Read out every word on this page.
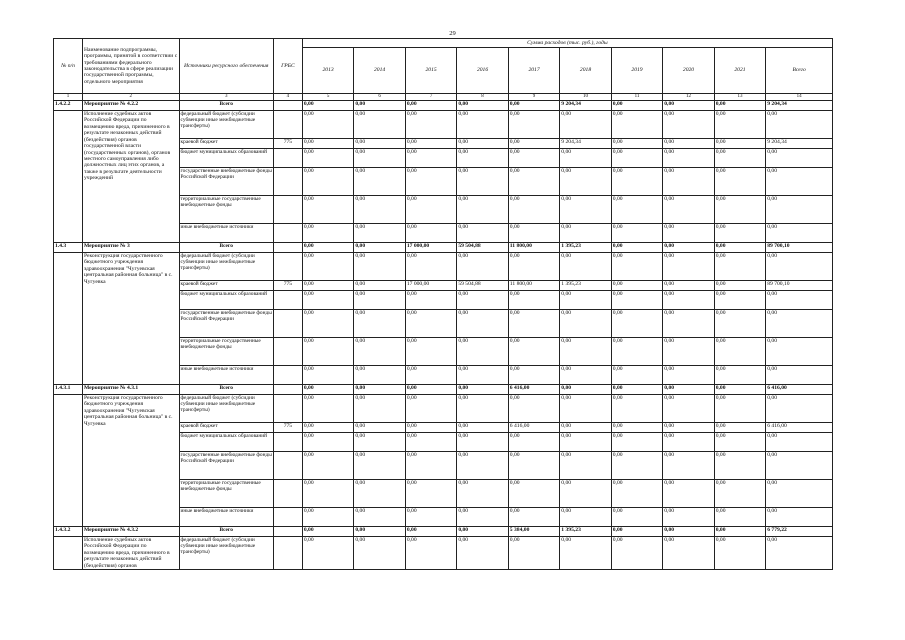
29
№ п/п	Наименование подпрограммы, программы, принятой в соответствии с требованиями федерального законодательства в сфере реализации государственной программы, отдельного мероприятия	Источники ресурсного обеспечения	ГРБС	Сумма расходов (тыс. руб.), годы									
				2013	2014	2015	2016	2017	2018	2019	2020	2021	Всего
1	2	3	4	5	6	7	8	9	10	11	12	13	14
1.4.2.2	Мероприятие № 4.2.2	Всего		0,00	0,00	0,00	0,00	0,00	9 204,34	0,00	0,00	0,00	9 204,34
	Исполнение судебных актов Российской Федерации по возмещению вреда, причиненного в результате незаконных действий (бездействия) органов государственной власти (государственных органов), органов местного самоуправления либо должностных лиц этих органов, а также в результате деятельности учреждений	федеральный бюджет (субсидии субвенции иные межбюджетные трансферты)		0,00	0,00	0,00	0,00	0,00	0,00	0,00	0,00	0,00	0,00
		краевой бюджет	775	0,00	0,00	0,00	0,00	0,00	9 204,34	0,00	0,00	0,00	9 204,34
		бюджет муниципальных образований		0,00	0,00	0,00	0,00	0,00	0,00	0,00	0,00	0,00	0,00
		государственные внебюджетные фонды Российской Федерации		0,00	0,00	0,00	0,00	0,00	0,00	0,00	0,00	0,00	0,00
		территориальные государственные внебюджетные фонды		0,00	0,00	0,00	0,00	0,00	0,00	0,00	0,00	0,00	0,00
		иные внебюджетные источники		0,00	0,00	0,00	0,00	0,00	0,00	0,00	0,00	0,00	0,00
1.4.3	Мероприятие № 3	Всего		0,00	0,00	17 000,00	59 504,88	11 800,00	1 395,23	0,00	0,00	0,00	89 700,10
	Реконструкция государственного бюджетного учреждения здравоохранения "Чугуевская центральная районная больница" в с. Чугуевка	федеральный бюджет (субсидии субвенции иные межбюджетные трансферты)		0,00	0,00	0,00	0,00	0,00	0,00	0,00	0,00	0,00	0,00
		краевой бюджет	775	0,00	0,00	17 000,00	59 504,88	11 800,00	1 395,23	0,00	0,00	0,00	89 700,10
		бюджет муниципальных образований		0,00	0,00	0,00	0,00	0,00	0,00	0,00	0,00	0,00	0,00
		государственные внебюджетные фонды Российской Федерации		0,00	0,00	0,00	0,00	0,00	0,00	0,00	0,00	0,00	0,00
		территориальные государственные внебюджетные фонды		0,00	0,00	0,00	0,00	0,00	0,00	0,00	0,00	0,00	0,00
		иные внебюджетные источники		0,00	0,00	0,00	0,00	0,00	0,00	0,00	0,00	0,00	0,00
1.4.3.1	Мероприятие № 4.3.1	Всего		0,00	0,00	0,00	0,00	6 416,00	0,00	0,00	0,00	0,00	6 416,00
	Реконструкция государственного бюджетного учреждения здравоохранения "Чугуевская центральная районная больница" в с. Чугуевка	федеральный бюджет (субсидии субвенции иные межбюджетные трансферты)		0,00	0,00	0,00	0,00	0,00	0,00	0,00	0,00	0,00	0,00
		краевой бюджет	775	0,00	0,00	0,00	0,00	6 416,00	0,00	0,00	0,00	0,00	6 416,00
		бюджет муниципальных образований		0,00	0,00	0,00	0,00	0,00	0,00	0,00	0,00	0,00	0,00
		государственные внебюджетные фонды Российской Федерации		0,00	0,00	0,00	0,00	0,00	0,00	0,00	0,00	0,00	0,00
		территориальные государственные внебюджетные фонды		0,00	0,00	0,00	0,00	0,00	0,00	0,00	0,00	0,00	0,00
		иные внебюджетные источники		0,00	0,00	0,00	0,00	0,00	0,00	0,00	0,00	0,00	0,00
1.4.3.2	Мероприятие № 4.3.2	Всего		0,00	0,00	0,00	0,00	5 384,00	1 395,23	0,00	0,00	0,00	6 779,22
	Исполнение судебных актов Российской Федерации по возмещению вреда, причиненного в результате незаконных действий (бездействия) органов	федеральный бюджет (субсидии субвенции иные межбюджетные трансферты)		0,00	0,00	0,00	0,00	0,00	0,00	0,00	0,00	0,00	0,00
